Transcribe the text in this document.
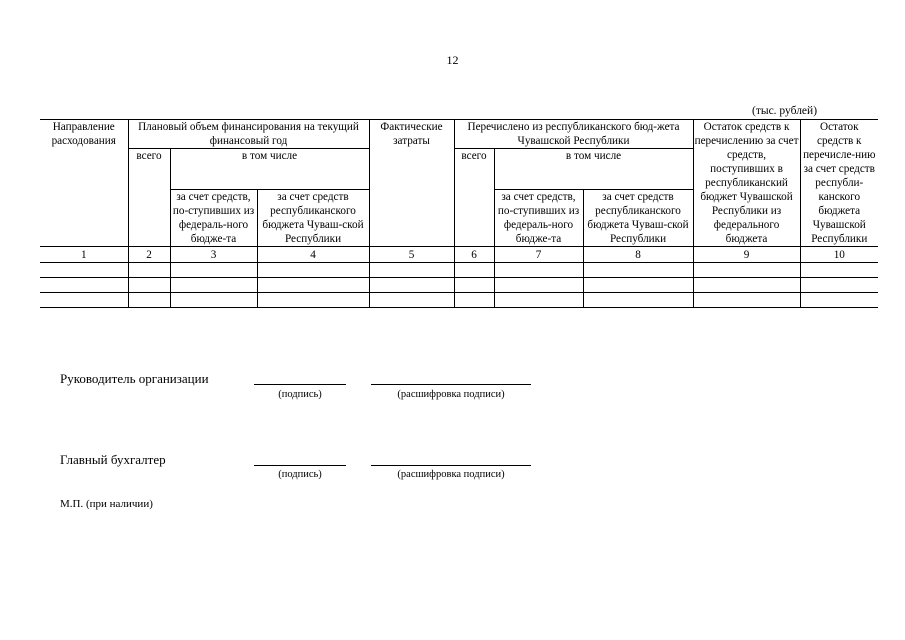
12
(тыс. рублей)
Направление расходования	Плановый объем финансирования на текущий финансовый год			Фактические затраты	Перечислено из республиканского бюд-жета Чувашской Республики			Остаток средств к перечислению за счет средств, поступивших в республиканский бюджет Чувашской Республики из федерального бюджета	Остаток средств к перечисле-нию за счет средств республи-канского бюджета Чувашской Республики
	всего	в том числе			всего	в том числе			
		за счет средств, по-ступивших из федераль-ного бюдже-та	за счет средств республиканского бюджета Чуваш-ской Республики			за счет средств, по-ступивших из федераль-ного бюдже-та	за счет средств республиканского бюджета Чуваш-ской Республики		
1	2	3	4	5	6	7	8	9	10

Руководитель организации
(подпись)	(расшифровка подписи)
Главный бухгалтер
(подпись)	(расшифровка подписи)
М.П. (при наличии)
